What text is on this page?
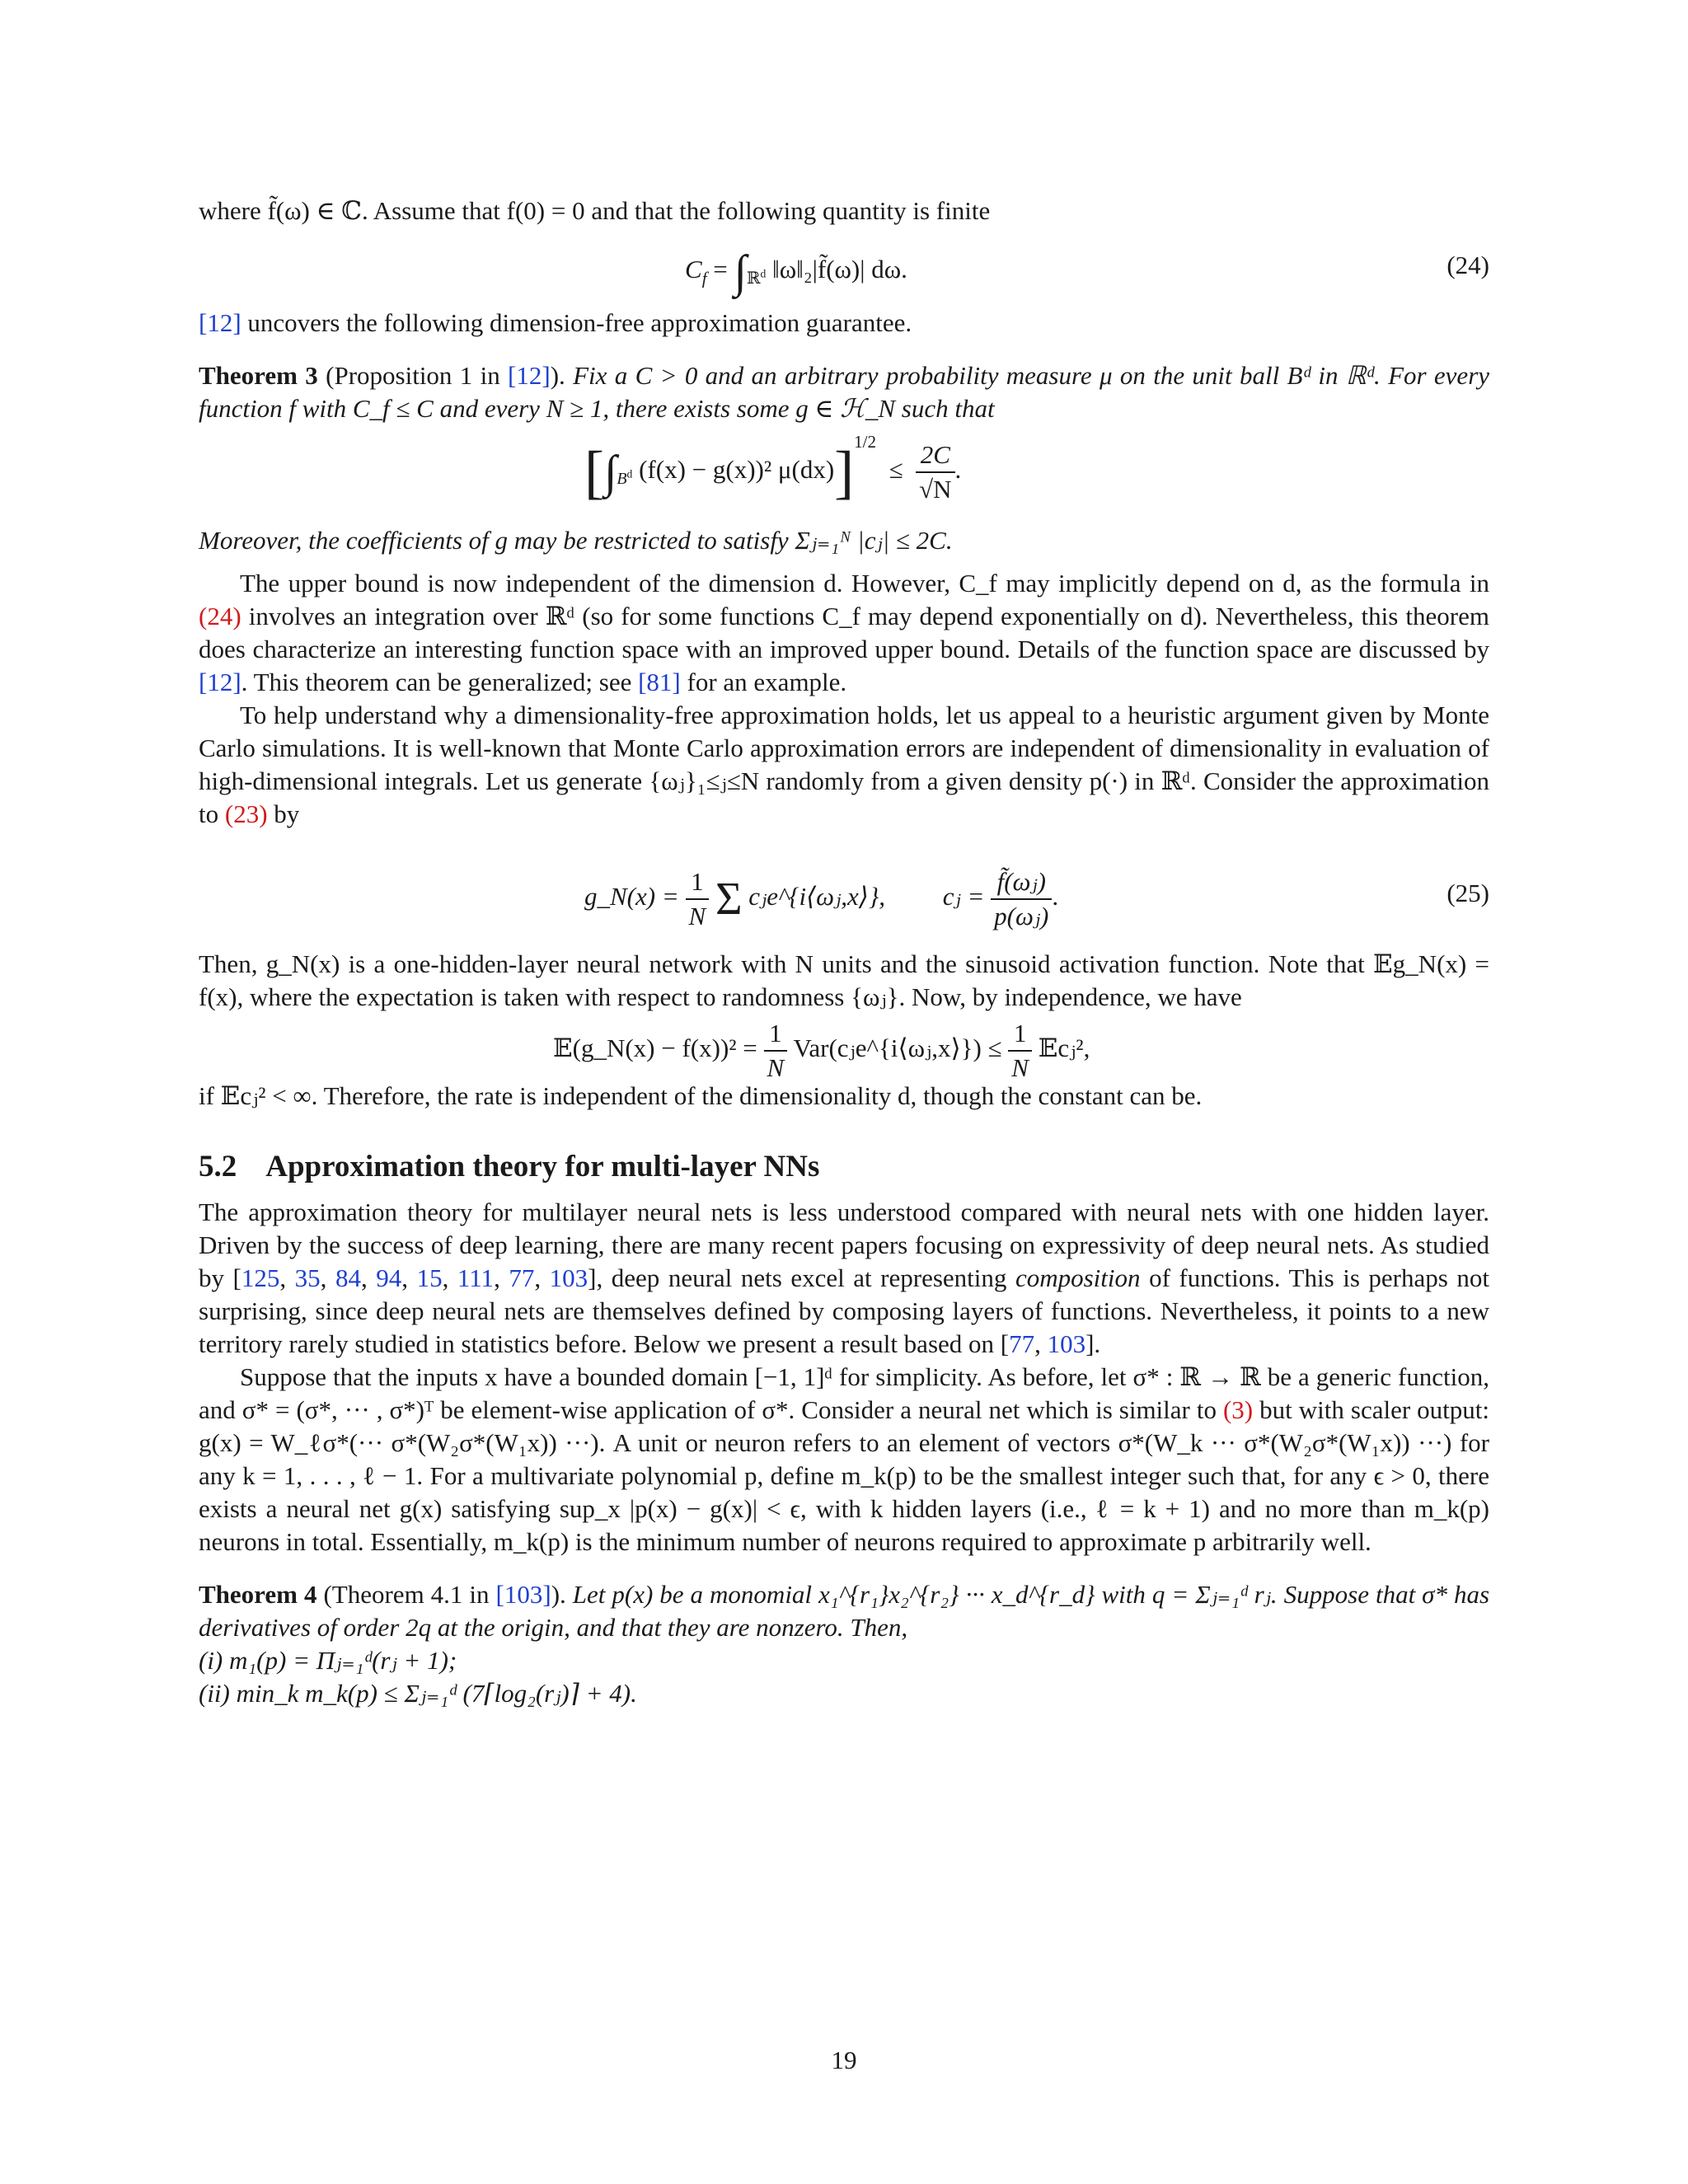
where f̃(ω) ∈ ℂ. Assume that f(0) = 0 and that the following quantity is finite

$C_f = \int_{ℝ^d}$ ‖ω‖₂|f̃(ω)| dω.	(24)

[12] uncovers the following dimension-free approximation guarantee.

Theorem 3 (Proposition 1 in [12]). Fix a C > 0 and an arbitrary probability measure μ on the unit ball Bᵈ in ℝᵈ. For every function f with C_f ≤ C and every N ≥ 1, there exists some g ∈ ℋ_N such that

[$\int_{B^d}$ (f(x) − g(x))² $\mu(dx)]^{1/2} \le \frac{2C}{√N}$ .

Moreover, the coefficients of g may be restricted to satisfy Σⱼ₌₁ᴺ |cⱼ| ≤ 2C.

The upper bound is now independent of the dimension d. However, C_f may implicitly depend on d, as the formula in (24) involves an integration over ℝᵈ (so for some functions C_f may depend exponentially on d). Nevertheless, this theorem does characterize an interesting function space with an improved upper bound. Details of the function space are discussed by [12]. This theorem can be generalized; see [81] for an example.

To help understand why a dimensionality-free approximation holds, let us appeal to a heuristic argument given by Monte Carlo simulations. It is well-known that Monte Carlo approximation errors are independent of dimensionality in evaluation of high-dimensional integrals. Let us generate {ωⱼ}₁≤ⱼ≤N randomly from a given density p(·) in ℝᵈ. Consider the approximation to (23) by

g_N(x) = $\frac{1}{N}$ Σ cⱼe^{i⟨ωⱼ,x⟩}, cⱼ = $\frac{\text{f̃(ωⱼ)}}{\text{p(ωⱼ)}}$ .	(25)

Then, g_N(x) is a one-hidden-layer neural network with N units and the sinusoid activation function. Note that 𝔼g_N(x) = f(x), where the expectation is taken with respect to randomness {ωⱼ}. Now, by independence, we have

𝔼(g_N(x) − $f(x))^2 = \frac{1}{N}$ Var(cⱼe^{i⟨ωⱼ,x⟩}) ≤ $\frac{1}{N}$ 𝔼cⱼ²,

if 𝔼cⱼ² < ∞. Therefore, the rate is independent of the dimensionality d, though the constant can be.

5.2 Approximation theory for multi-layer NNs

The approximation theory for multilayer neural nets is less understood compared with neural nets with one hidden layer. Driven by the success of deep learning, there are many recent papers focusing on expressivity of deep neural nets. As studied by [125, 35, 84, 94, 15, 111, 77, 103], deep neural nets excel at representing composition of functions. This is perhaps not surprising, since deep neural nets are themselves defined by composing layers of functions. Nevertheless, it points to a new territory rarely studied in statistics before. Below we present a result based on [77, 103].

Suppose that the inputs x have a bounded domain [−1, 1]ᵈ for simplicity. As before, let σ* : ℝ → ℝ be a generic function, and σ* = (σ*, ··· , σ*)ᵀ be element-wise application of σ*. Consider a neural net which is similar to (3) but with scaler output: g(x) = W_ℓσ*(··· σ*(W₂σ*(W₁x)) ···). A unit or neuron refers to an element of vectors σ*(W_k ··· σ*(W₂σ*(W₁x)) ···) for any k = 1, . . . , ℓ − 1. For a multivariate polynomial p, define m_k(p) to be the smallest integer such that, for any ϵ > 0, there exists a neural net g(x) satisfying sup_x |p(x) − g(x)| < ϵ, with k hidden layers (i.e., ℓ = k + 1) and no more than m_k(p) neurons in total. Essentially, m_k(p) is the minimum number of neurons required to approximate p arbitrarily well.

Theorem 4 (Theorem 4.1 in [103]). Let p(x) be a monomial x₁^{r₁}x₂^{r₂} ··· x_d^{r_d} with q = Σⱼ₌₁ᵈ rⱼ. Suppose that σ* has derivatives of order 2q at the origin, and that they are nonzero. Then,

(i) m₁(p) = Πⱼ₌₁ᵈ(rⱼ + 1);

(ii) min_k m_k(p) ≤ Σⱼ₌₁ᵈ (7⌈log₂(rⱼ)⌉ + 4).

19
